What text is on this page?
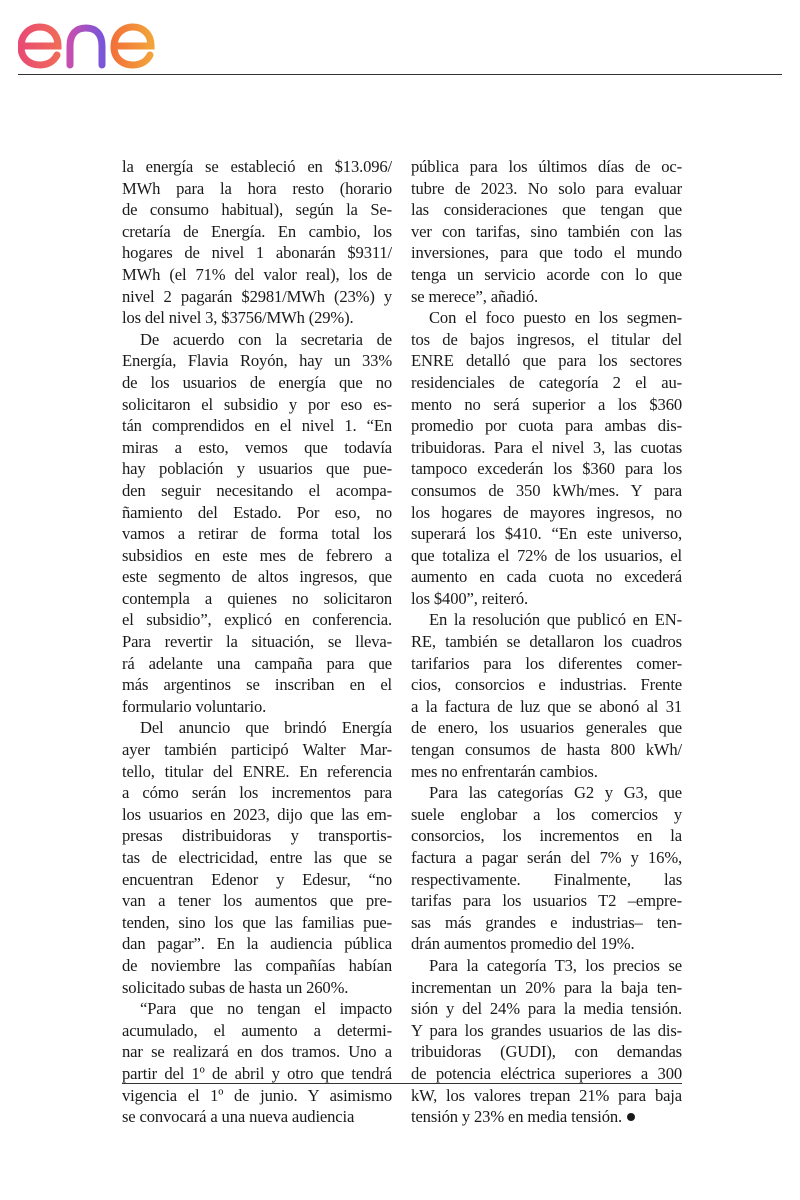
la energía se estableció en $13.096/
MWh para la hora resto (horario
de consumo habitual), según la Se-
cretaría de Energía. En cambio, los
hogares de nivel 1 abonarán $9311/
MWh (el 71% del valor real), los de
nivel 2 pagarán $2981/MWh (23%) y
los del nivel 3, $3756/MWh (29%).

De acuerdo con la secretaria de
Energía, Flavia Royón, hay un 33%
de los usuarios de energía que no
solicitaron el subsidio y por eso es-
tán comprendidos en el nivel 1. “En
miras a esto, vemos que todavía
hay población y usuarios que pue-
den seguir necesitando el acompa-
ñamiento del Estado. Por eso, no
vamos a retirar de forma total los
subsidios en este mes de febrero a
este segmento de altos ingresos, que
contempla a quienes no solicitaron
el subsidio”, explicó en conferencia.
Para revertir la situación, se lleva-
rá adelante una campaña para que
más argentinos se inscriban en el
formulario voluntario.

Del anuncio que brindó Energía
ayer también participó Walter Mar-
tello, titular del ENRE. En referencia
a cómo serán los incrementos para
los usuarios en 2023, dijo que las em-
presas distribuidoras y transportis-
tas de electricidad, entre las que se
encuentran Edenor y Edesur, “no
van a tener los aumentos que pre-
tenden, sino los que las familias pue-
dan pagar”. En la audiencia pública
de noviembre las compañías habían
solicitado subas de hasta un 260%.

“Para que no tengan el impacto
acumulado, el aumento a determi-
nar se realizará en dos tramos. Uno a
partir del 1º de abril y otro que tendrá
vigencia el 1º de junio. Y asimismo
se convocará a una nueva audiencia

pública para los últimos días de oc-
tubre de 2023. No solo para evaluar
las consideraciones que tengan que
ver con tarifas, sino también con las
inversiones, para que todo el mundo
tenga un servicio acorde con lo que
se merece”, añadió.

Con el foco puesto en los segmen-
tos de bajos ingresos, el titular del
ENRE detalló que para los sectores
residenciales de categoría 2 el au-
mento no será superior a los $360
promedio por cuota para ambas dis-
tribuidoras. Para el nivel 3, las cuotas
tampoco excederán los $360 para los
consumos de 350 kWh/mes. Y para
los hogares de mayores ingresos, no
superará los $410. “En este universo,
que totaliza el 72% de los usuarios, el
aumento en cada cuota no excederá
los $400”, reiteró.

En la resolución que publicó en EN-
RE, también se detallaron los cuadros
tarifarios para los diferentes comer-
cios, consorcios e industrias. Frente
a la factura de luz que se abonó al 31
de enero, los usuarios generales que
tengan consumos de hasta 800 kWh/
mes no enfrentarán cambios.

Para las categorías G2 y G3, que
suele englobar a los comercios y
consorcios, los incrementos en la
factura a pagar serán del 7% y 16%,
respectivamente. Finalmente, las
tarifas para los usuarios T2 –empre-
sas más grandes e industrias– ten-
drán aumentos promedio del 19%.

Para la categoría T3, los precios se
incrementan un 20% para la baja ten-
sión y del 24% para la media tensión.
Y para los grandes usuarios de las dis-
tribuidoras (GUDI), con demandas
de potencia eléctrica superiores a 300
kW, los valores trepan 21% para baja
tensión y 23% en media tensión.
